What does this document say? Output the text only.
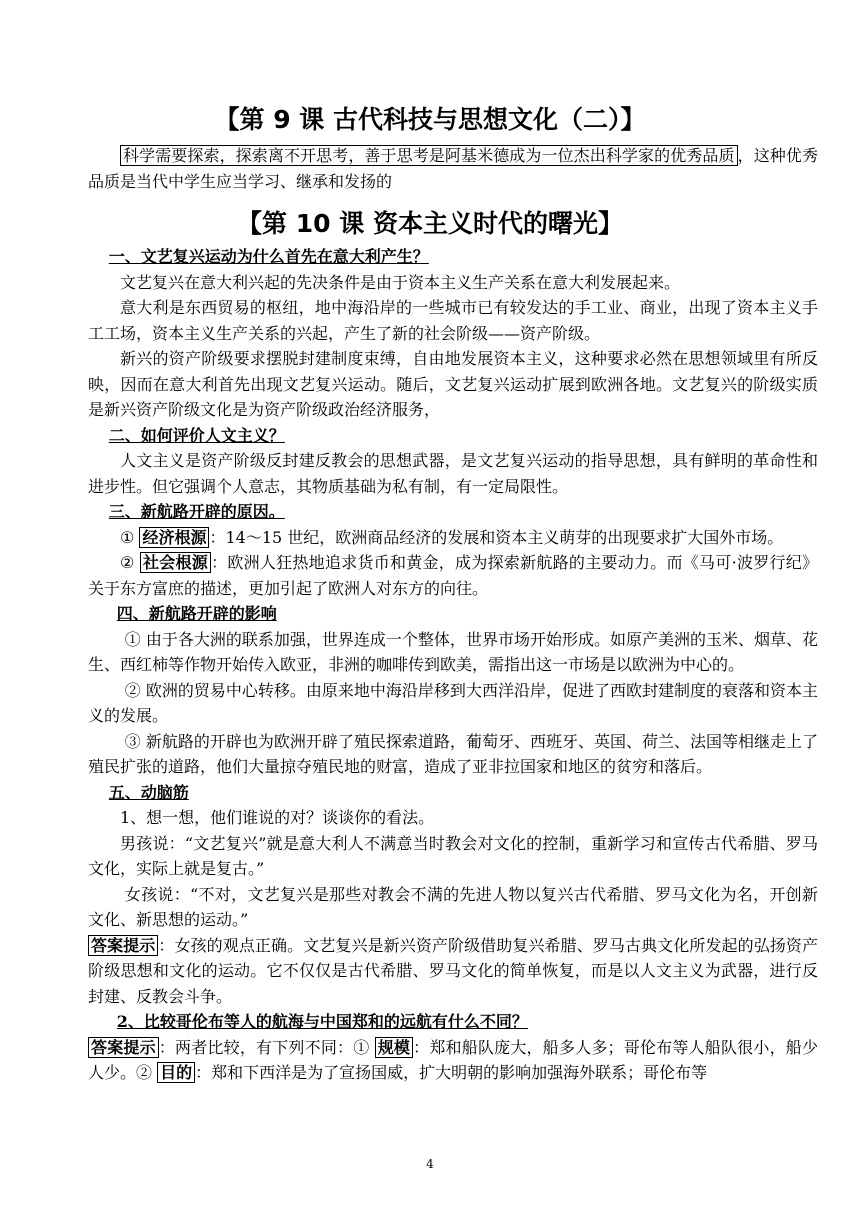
【第 9 课 古代科技与思想文化（二）】

科学需要探索，探索离不开思考，善于思考是阿基米德成为一位杰出科学家的优秀品质 ，这种优秀品质是当代中学生应当学习、继承和发扬的

【第 10 课 资本主义时代的曙光】

一、文艺复兴运动为什么首先在意大利产生？

文艺复兴在意大利兴起的先决条件是由于资本主义生产关系在意大利发展起来。

意大利是东西贸易的枢纽，地中海沿岸的一些城市已有较发达的手工业、商业，出现了资本主义手工工场，资本主义生产关系的兴起，产生了新的社会阶级——资产阶级。

新兴的资产阶级要求摆脱封建制度束缚，自由地发展资本主义，这种要求必然在思想领域里有所反映，因而在意大利首先出现文艺复兴运动。随后，文艺复兴运动扩展到欧洲各地。文艺复兴的阶级实质是新兴资产阶级文化是为资产阶级政治经济服务，

二、如何评价人文主义？

人文主义是资产阶级反封建反教会的思想武器，是文艺复兴运动的指导思想，具有鲜明的革命性和进步性。但它强调个人意志，其物质基础为私有制，有一定局限性。

三、新航路开辟的原因。

① 经济根源 ：14～15 世纪，欧洲商品经济的发展和资本主义萌芽的出现要求扩大国外市场。

② 社会根源 ：欧洲人狂热地追求货币和黄金，成为探索新航路的主要动力。而《马可·波罗行纪》关于东方富庶的描述，更加引起了欧洲人对东方的向往。

四、新航路开辟的影响

① 由于各大洲的联系加强，世界连成一个整体，世界市场开始形成。如原产美洲的玉米、烟草、花生、西红柿等作物开始传入欧亚，非洲的咖啡传到欧美，需指出这一市场是以欧洲为中心的。

② 欧洲的贸易中心转移。由原来地中海沿岸移到大西洋沿岸，促进了西欧封建制度的衰落和资本主义的发展。

③ 新航路的开辟也为欧洲开辟了殖民探索道路，葡萄牙、西班牙、英国、荷兰、法国等相继走上了殖民扩张的道路，他们大量掠夺殖民地的财富，造成了亚非拉国家和地区的贫穷和落后。

五、动脑筋

1、想一想，他们谁说的对？谈谈你的看法。

男孩说：“文艺复兴”就是意大利人不满意当时教会对文化的控制，重新学习和宣传古代希腊、罗马文化，实际上就是复古。”

女孩说：“不对，文艺复兴是那些对教会不满的先进人物以复兴古代希腊、罗马文化为名，开创新文化、新思想的运动。”

答案提示 ：女孩的观点正确。文艺复兴是新兴资产阶级借助复兴希腊、罗马古典文化所发起的弘扬资产阶级思想和文化的运动。它不仅仅是古代希腊、罗马文化的简单恢复，而是以人文主义为武器，进行反封建、反教会斗争。

2、比较哥伦布等人的航海与中国郑和的远航有什么不同？

答案提示 ：两者比较，有下列不同：① 规模 ：郑和船队庞大，船多人多；哥伦布等人船队很小，船少人少。② 目的 ：郑和下西洋是为了宣扬国威，扩大明朝的影响加强海外联系；哥伦布等

4
